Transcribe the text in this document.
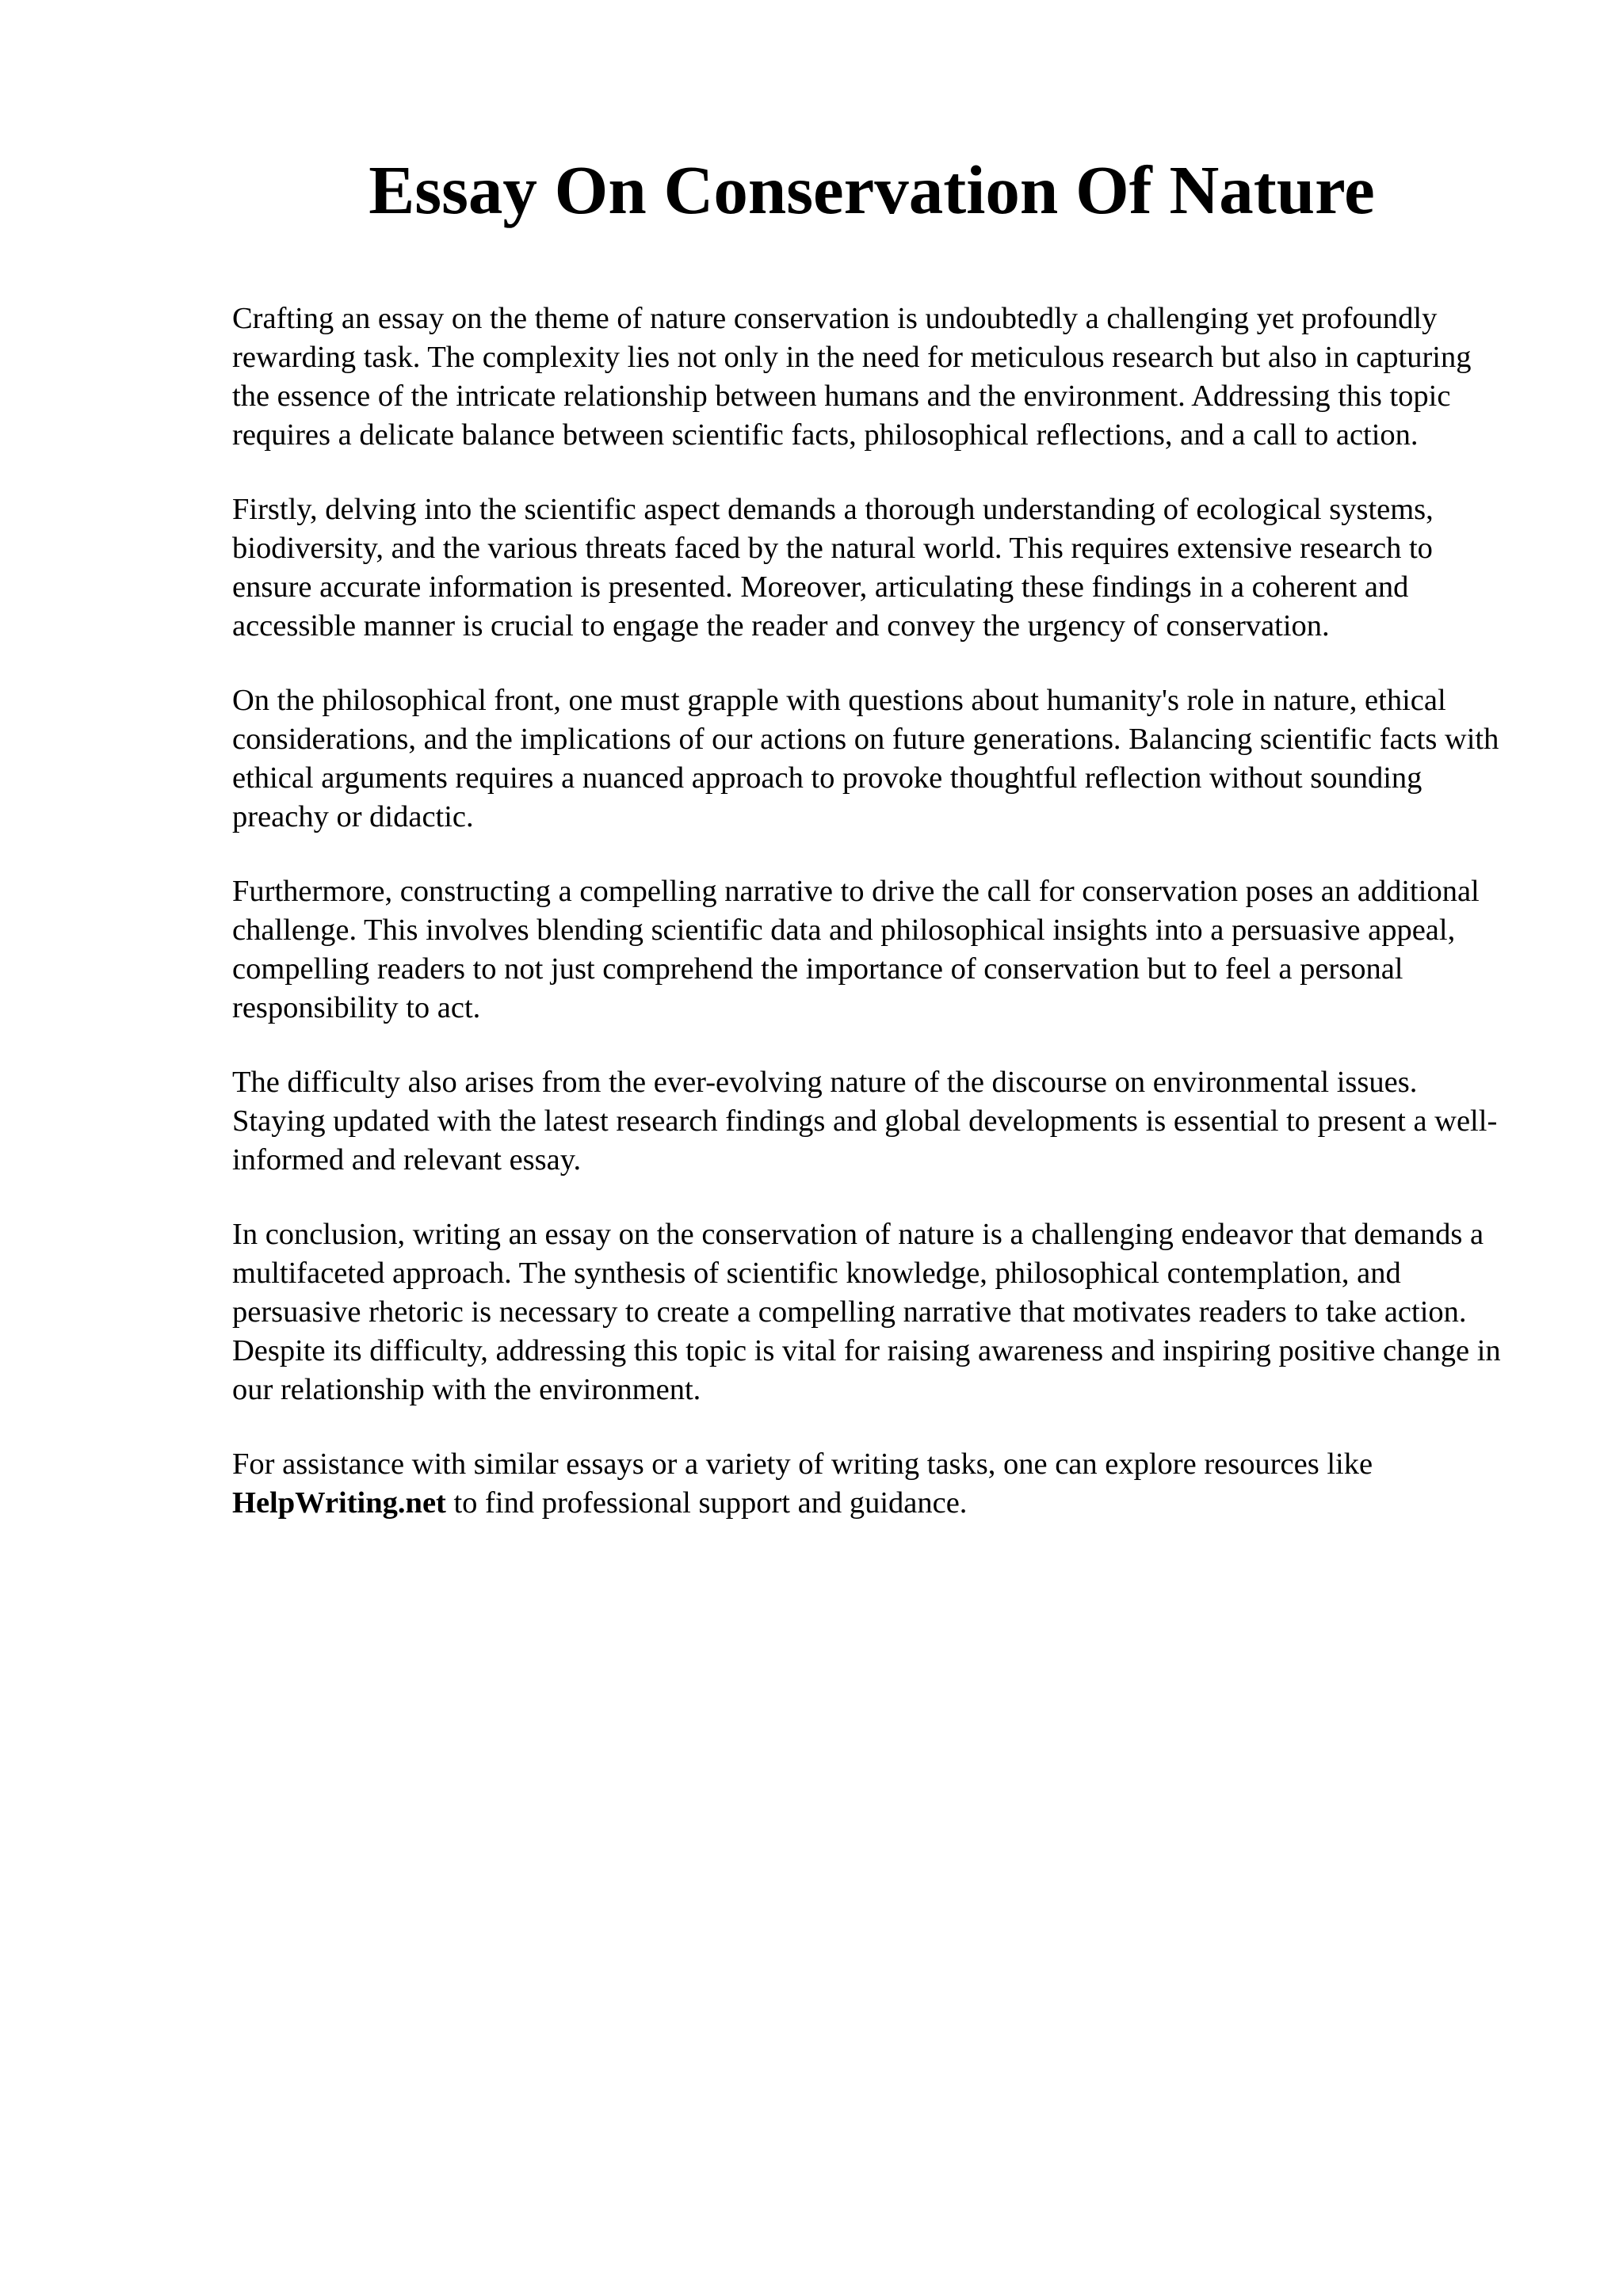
Essay On Conservation Of Nature

Crafting an essay on the theme of nature conservation is undoubtedly a challenging yet profoundly rewarding task. The complexity lies not only in the need for meticulous research but also in capturing the essence of the intricate relationship between humans and the environment. Addressing this topic requires a delicate balance between scientific facts, philosophical reflections, and a call to action.

Firstly, delving into the scientific aspect demands a thorough understanding of ecological systems, biodiversity, and the various threats faced by the natural world. This requires extensive research to ensure accurate information is presented. Moreover, articulating these findings in a coherent and accessible manner is crucial to engage the reader and convey the urgency of conservation.

On the philosophical front, one must grapple with questions about humanity's role in nature, ethical considerations, and the implications of our actions on future generations. Balancing scientific facts with ethical arguments requires a nuanced approach to provoke thoughtful reflection without sounding preachy or didactic.

Furthermore, constructing a compelling narrative to drive the call for conservation poses an additional challenge. This involves blending scientific data and philosophical insights into a persuasive appeal, compelling readers to not just comprehend the importance of conservation but to feel a personal responsibility to act.

The difficulty also arises from the ever-evolving nature of the discourse on environmental issues. Staying updated with the latest research findings and global developments is essential to present a well-informed and relevant essay.

In conclusion, writing an essay on the conservation of nature is a challenging endeavor that demands a multifaceted approach. The synthesis of scientific knowledge, philosophical contemplation, and persuasive rhetoric is necessary to create a compelling narrative that motivates readers to take action. Despite its difficulty, addressing this topic is vital for raising awareness and inspiring positive change in our relationship with the environment.

For assistance with similar essays or a variety of writing tasks, one can explore resources like HelpWriting.net to find professional support and guidance.
